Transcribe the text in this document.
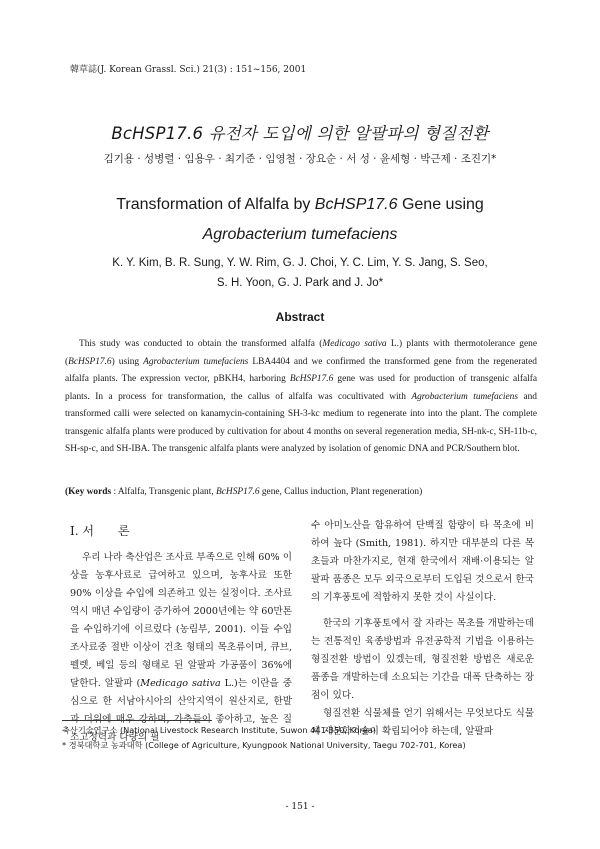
韓草誌(J. Korean Grassl. Sci.) 21(3) : 151~156, 2001
BcHSP17.6 유전자 도입에 의한 알팔파의 형질전환
김기용 · 성병렬 · 임용우 · 최기준 · 임영철 · 장요순 · 서 성 · 윤세형 · 박근제 · 조진기*
Transformation of Alfalfa by BcHSP17.6 Gene using
Agrobacterium tumefaciens
K. Y. Kim, B. R. Sung, Y. W. Rim, G. J. Choi, Y. C. Lim, Y. S. Jang, S. Seo,
S. H. Yoon, G. J. Park and J. Jo*
Abstract

This study was conducted to obtain the transformed alfalfa (Medicago sativa L.) plants with thermotolerance gene (BcHSP17.6) using Agrobacterium tumefaciens LBA4404 and we confirmed the transformed gene from the regenerated alfalfa plants. The expression vector, pBKH4, harboring BcHSP17.6 gene was used for production of transgenic alfalfa plants. In a process for transformation, the callus of alfalfa was cocultivated with Agrobacterium tumefaciens and transformed calli were selected on kanamycin-containing SH-3-kc medium to regenerate into into the plant. The complete transgenic alfalfa plants were produced by cultivation for about 4 months on several regeneration media, SH-nk-c, SH-11b-c, SH-sp-c, and SH-IBA. The transgenic alfalfa plants were analyzed by isolation of genomic DNA and PCR/Southern blot.

(Key words : Alfalfa, Transgenic plant, BcHSP17.6 gene, Callus induction, Plant regeneration)
Ⅰ. 서　　론

우리 나라 축산업은 조사료 부족으로 인해 60% 이상을 농후사료로 급여하고 있으며, 농후사료 또한 90% 이상을 수입에 의존하고 있는 실정이다. 조사료 역시 매년 수입량이 증가하여 2000년에는 약 60만톤을 수입하기에 이르렀다 (농림부, 2001). 이들 수입 조사료중 절반 이상이 건초 형태의 목초류이며, 큐브, 펠렛, 베일 등의 형태로 된 알팔파 가공품이 36%에 달한다. 알팔파 (Medicago sativa L.)는 이란을 중심으로 한 서남아시아의 산악지역이 원산지로, 한발과 더위에 매우 강하며, 가축들이 좋아하고, 높은 질소고정력과 다량의 필

수 아미노산을 함유하여 단백질 함량이 타 목초에 비하여 높다 (Smith, 1981). 하지만 대부분의 다른 목초들과 마찬가지로, 현재 한국에서 재배·이용되는 알팔파 품종은 모두 외국으로부터 도입된 것으로서 한국의 기후풍토에 적합하지 못한 것이 사실이다.

한국의 기후풍토에서 잘 자라는 목초를 개발하는데는 전통적인 육종방법과 유전공학적 기법을 이용하는 형질전환 방법이 있겠는데, 형질전환 방법은 새로운 품종을 개발하는데 소요되는 기간을 대폭 단축하는 장점이 있다.

형질전환 식물체를 얻기 위해서는 무엇보다도 식물체 재분화기술이 확립되어야 하는데, 알팔파

축산기술연구소 (National Livestock Research Institute, Suwon 441-350, Korea)
* 경북대학교 농과대학 (College of Agriculture, Kyungpook National University, Taegu 702-701, Korea)
- 151 -
